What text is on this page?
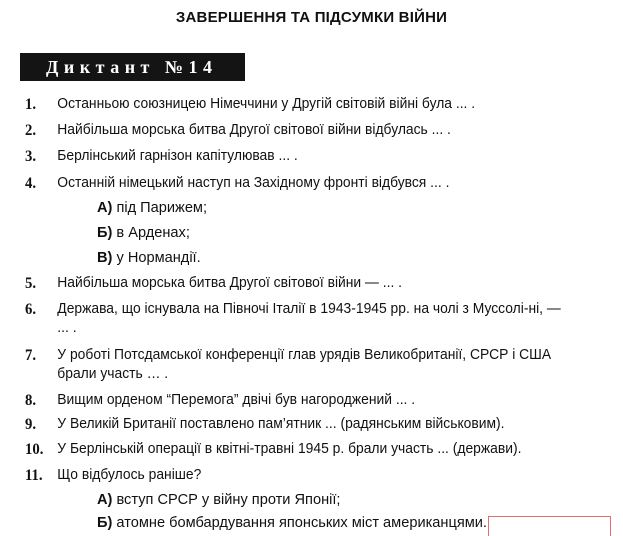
ЗАВЕРШЕННЯ ТА ПІДСУМКИ ВІЙНИ
Диктант №14
1.	Останньою союзницею Німеччини у Другій світовій війні була ... .
2.	Найбільша морська битва Другої світової війни відбулась ... .
3.	Берлінський гарнізон капітулював ... .
4.	Останній німецький наступ на Західному фронті відбувся ... .
А) під Парижем;
Б) в Арденах;
В) у Нормандії.
5.	Найбільша морська битва Другої світової війни — ... .
6.	Держава, що існувала на Півночі Італії в 1943-1945 рр. на чолі з Муссолі-ні, — ... .
7.	У роботі Потсдамської конференції глав урядів Великобританії, СРСР і США брали участь … .
8.	Вищим орденом “Перемога” двічі був нагороджений ... .
9.	У Великій Британії поставлено пам’ятник ... (радянським військовим).
10. У Берлінській операції в квітні-травні 1945 р. брали участь ... (держави).
11.	Що відбулось раніше?
А) вступ СРСР у війну проти Японії;
Б) атомне бомбардування японських міст американцями.
